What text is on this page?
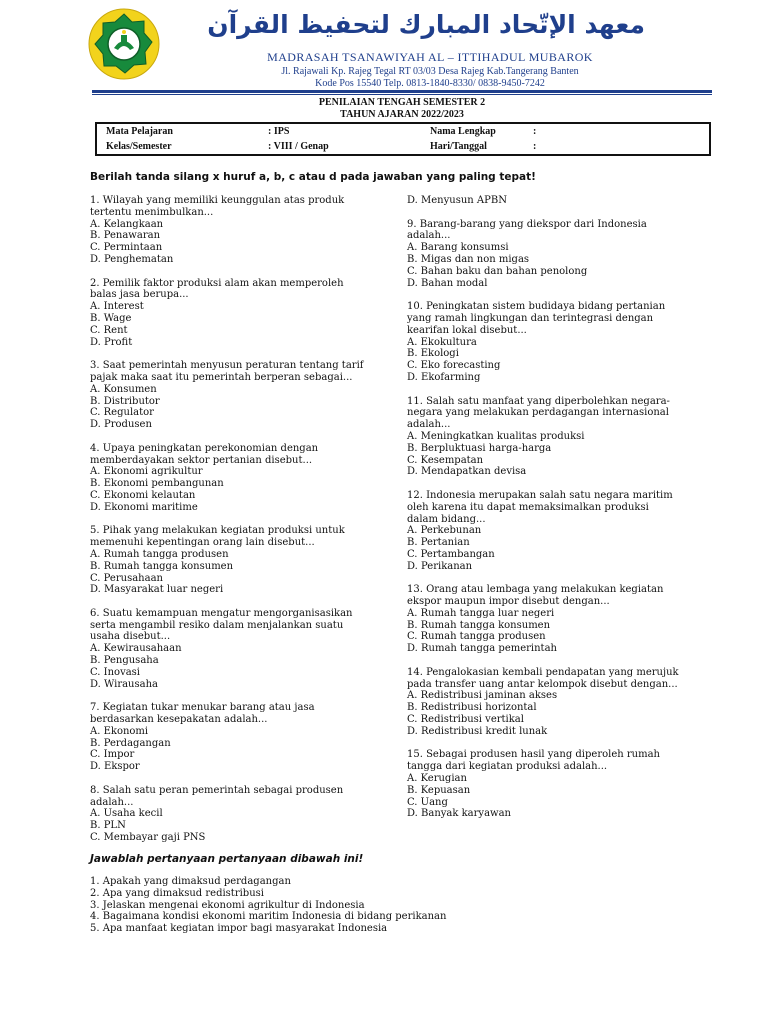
معهد الإتّحاد المبارك لتحفيظ القرآن
MADRASAH TSANAWIYAH AL – ITTIHADUL MUBAROK
Jl. Rajawali Kp. Rajeg Tegal RT 03/03 Desa Rajeg Kab.Tangerang Banten
Kode Pos 15540 Telp. 0813-1840-8330/ 0838-9450-7242
PENILAIAN TENGAH SEMESTER 2
TAHUN AJARAN 2022/2023
Mata Pelajaran	: IPS	Nama Lengkap	:
Kelas/Semester	: VIII / Genap	Hari/Tanggal	:
Berilah tanda silang x huruf a, b, c atau d pada jawaban yang paling tepat!
1. Wilayah yang memiliki keunggulan atas produk
tertentu menimbulkan...
A. Kelangkaan
B. Penawaran
C. Permintaan
D. Penghematan
2. Pemilik faktor produksi alam akan memperoleh
balas jasa berupa...
A. Interest
B. Wage
C. Rent
D. Profit
3. Saat pemerintah menyusun peraturan tentang tarif
pajak maka saat itu pemerintah berperan sebagai...
A. Konsumen
B. Distributor
C. Regulator
D. Produsen
4. Upaya peningkatan perekonomian dengan
memberdayakan sektor pertanian disebut...
A. Ekonomi agrikultur
B. Ekonomi pembangunan
C. Ekonomi kelautan
D. Ekonomi maritime
5. Pihak yang melakukan kegiatan produksi untuk
memenuhi kepentingan orang lain disebut...
A. Rumah tangga produsen
B. Rumah tangga konsumen
C. Perusahaan
D. Masyarakat luar negeri
6. Suatu kemampuan mengatur mengorganisasikan
serta mengambil resiko dalam menjalankan suatu
usaha disebut...
A. Kewirausahaan
B. Pengusaha
C. Inovasi
D. Wirausaha
7. Kegiatan tukar menukar barang atau jasa
berdasarkan kesepakatan adalah...
A. Ekonomi
B. Perdagangan
C. Impor
D. Ekspor
8. Salah satu peran pemerintah sebagai produsen
adalah...
A. Usaha kecil
B. PLN
C. Membayar gaji PNS
D. Menyusun APBN
9. Barang-barang yang diekspor dari Indonesia
adalah...
A. Barang konsumsi
B. Migas dan non migas
C. Bahan baku dan bahan penolong
D. Bahan modal
10. Peningkatan sistem budidaya bidang pertanian
yang ramah lingkungan dan terintegrasi dengan
kearifan lokal disebut...
A. Ekokultura
B. Ekologi
C. Eko forecasting
D. Ekofarming
11. Salah satu manfaat yang diperbolehkan negara-
negara yang melakukan perdagangan internasional
adalah...
A. Meningkatkan kualitas produksi
B. Berpluktuasi harga-harga
C. Kesempatan
D. Mendapatkan devisa
12. Indonesia merupakan salah satu negara maritim
oleh karena itu dapat memaksimalkan produksi
dalam bidang...
A. Perkebunan
B. Pertanian
C. Pertambangan
D. Perikanan
13. Orang atau lembaga yang melakukan kegiatan
ekspor maupun impor disebut dengan...
A. Rumah tangga luar negeri
B. Rumah tangga konsumen
C. Rumah tangga produsen
D. Rumah tangga pemerintah
14. Pengalokasian kembali pendapatan yang merujuk
pada transfer uang antar kelompok disebut dengan...
A. Redistribusi jaminan akses
B. Redistribusi horizontal
C. Redistribusi vertikal
D. Redistribusi kredit lunak
15. Sebagai produsen hasil yang diperoleh rumah
tangga dari kegiatan produksi adalah...
A. Kerugian
B. Kepuasan
C. Uang
D. Banyak karyawan
Jawablah pertanyaan pertanyaan dibawah ini!
1. Apakah yang dimaksud perdagangan
2. Apa yang dimaksud redistribusi
3. Jelaskan mengenai ekonomi agrikultur di Indonesia
4. Bagaimana kondisi ekonomi maritim Indonesia di bidang perikanan
5. Apa manfaat kegiatan impor bagi masyarakat Indonesia
